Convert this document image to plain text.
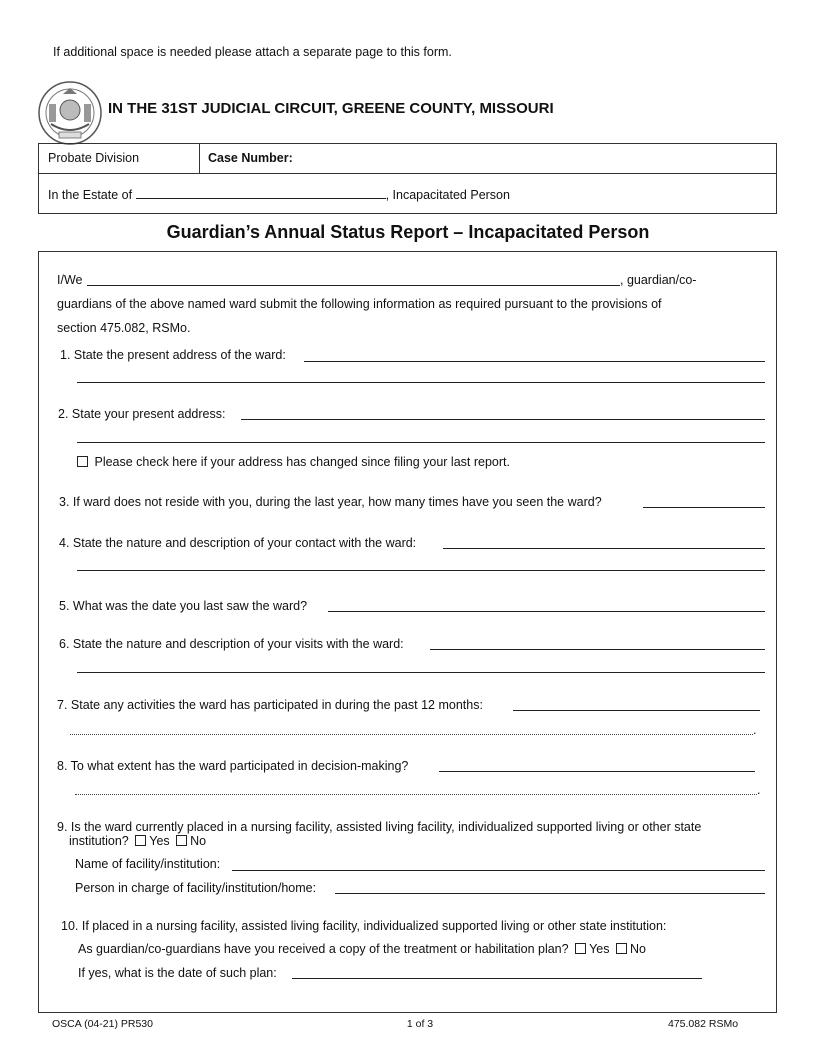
If additional space is needed please attach a separate page to this form.
IN THE 31ST JUDICIAL CIRCUIT, GREENE COUNTY, MISSOURI
Probate Division	Case Number:
In the Estate of	, Incapacitated Person
Guardian’s Annual Status Report – Incapacitated Person
I/We	, guardian/co-
guardians of the above named ward submit the following information as required pursuant to the provisions of
section 475.082, RSMo.
1. State the present address of the ward:
2. State your present address:
Please check here if your address has changed since filing your last report.
3. If ward does not reside with you, during the last year, how many times have you seen the ward?
4. State the nature and description of your contact with the ward:
5. What was the date you last saw the ward?
6. State the nature and description of your visits with the ward:
7. State any activities the ward has participated in during the past 12 months:
.
8. To what extent has the ward participated in decision-making?
.
9. Is the ward currently placed in a nursing facility, assisted living facility, individualized supported living or other state
institution? Yes No
Name of facility/institution:
Person in charge of facility/institution/home:
10. If placed in a nursing facility, assisted living facility, individualized supported living or other state institution:
As guardian/co-guardians have you received a copy of the treatment or habilitation plan? Yes No
If yes, what is the date of such plan:
OSCA (04-21) PR530	1 of 3	475.082 RSMo
